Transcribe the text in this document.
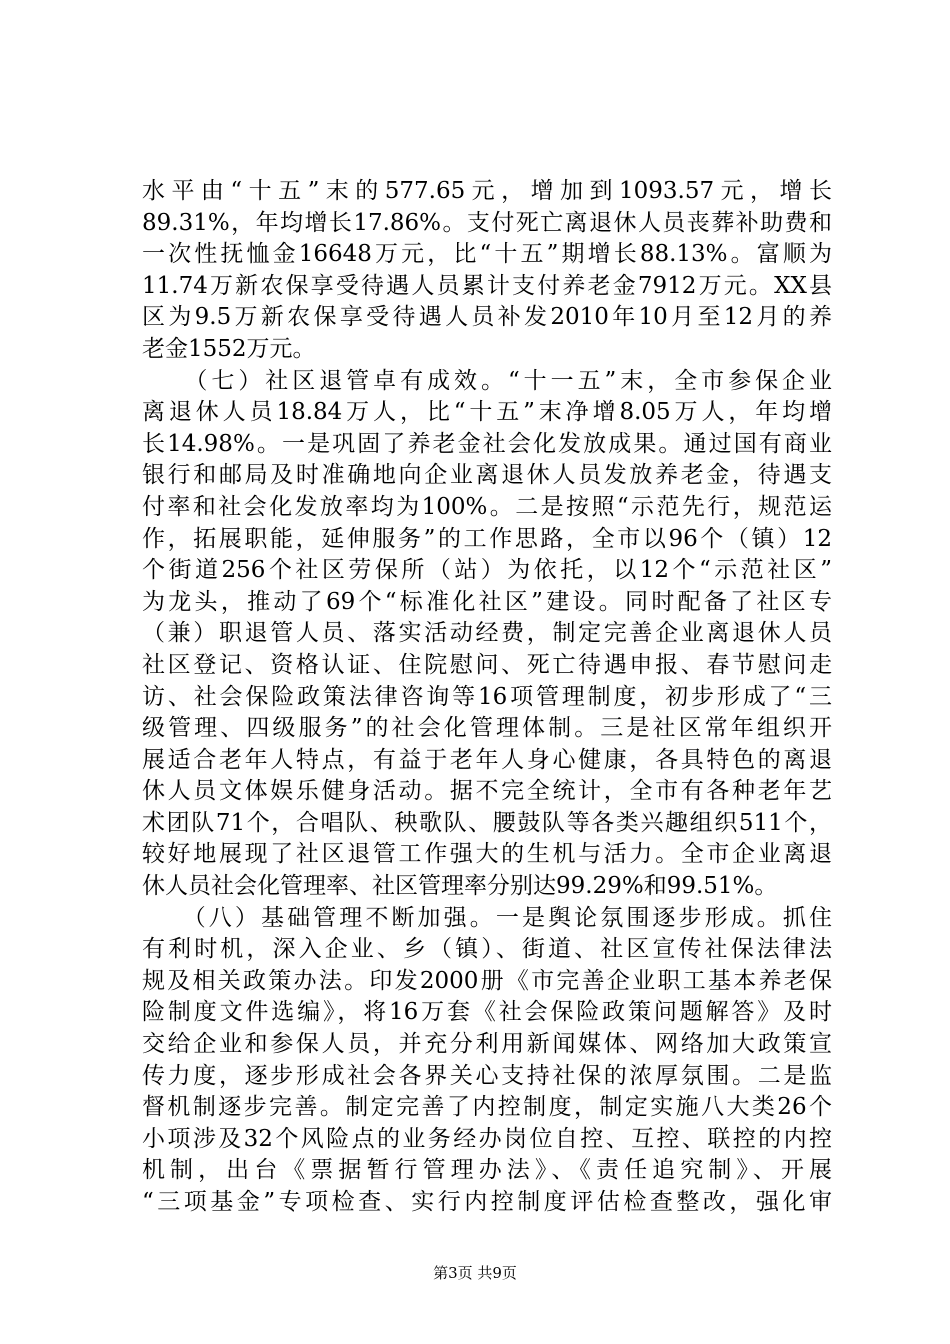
水平由“十五”末的577.65元，增加到1093.57元，增长
89.31%，年均增长17.86%。支付死亡离退休人员丧葬补助费和
一次性抚恤金16648万元，比“十五”期增长88.13%。富顺为
11.74万新农保享受待遇人员累计支付养老金7912万元。XX县
区为9.5万新农保享受待遇人员补发2010年10月至12月的养
老金1552万元。
　　（七）社区退管卓有成效。“十一五”末，全市参保企业
离退休人员18.84万人，比“十五”末净增8.05万人，年均增
长14.98%。一是巩固了养老金社会化发放成果。通过国有商业
银行和邮局及时准确地向企业离退休人员发放养老金，待遇支
付率和社会化发放率均为100%。二是按照“示范先行，规范运
作，拓展职能，延伸服务”的工作思路，全市以96个（镇）12
个街道256个社区劳保所（站）为依托，以12个“示范社区”
为龙头，推动了69个“标准化社区”建设。同时配备了社区专
（兼）职退管人员、落实活动经费，制定完善企业离退休人员
社区登记、资格认证、住院慰问、死亡待遇申报、春节慰问走
访、社会保险政策法律咨询等16项管理制度，初步形成了“三
级管理、四级服务”的社会化管理体制。三是社区常年组织开
展适合老年人特点，有益于老年人身心健康，各具特色的离退
休人员文体娱乐健身活动。据不完全统计，全市有各种老年艺
术团队71个，合唱队、秧歌队、腰鼓队等各类兴趣组织511个，
较好地展现了社区退管工作强大的生机与活力。全市企业离退
休人员社会化管理率、社区管理率分别达99.29%和99.51%。
　　（八）基础管理不断加强。一是舆论氛围逐步形成。抓住
有利时机，深入企业、乡（镇）、街道、社区宣传社保法律法
规及相关政策办法。印发2000册《市完善企业职工基本养老保
险制度文件选编》，将16万套《社会保险政策问题解答》及时
交给企业和参保人员，并充分利用新闻媒体、网络加大政策宣
传力度，逐步形成社会各界关心支持社保的浓厚氛围。二是监
督机制逐步完善。制定完善了内控制度，制定实施八大类26个
小项涉及32个风险点的业务经办岗位自控、互控、联控的内控
机制，出台《票据暂行管理办法》、《责任追究制》、开展
“三项基金”专项检查、实行内控制度评估检查整改，强化审
第3页 共9页
